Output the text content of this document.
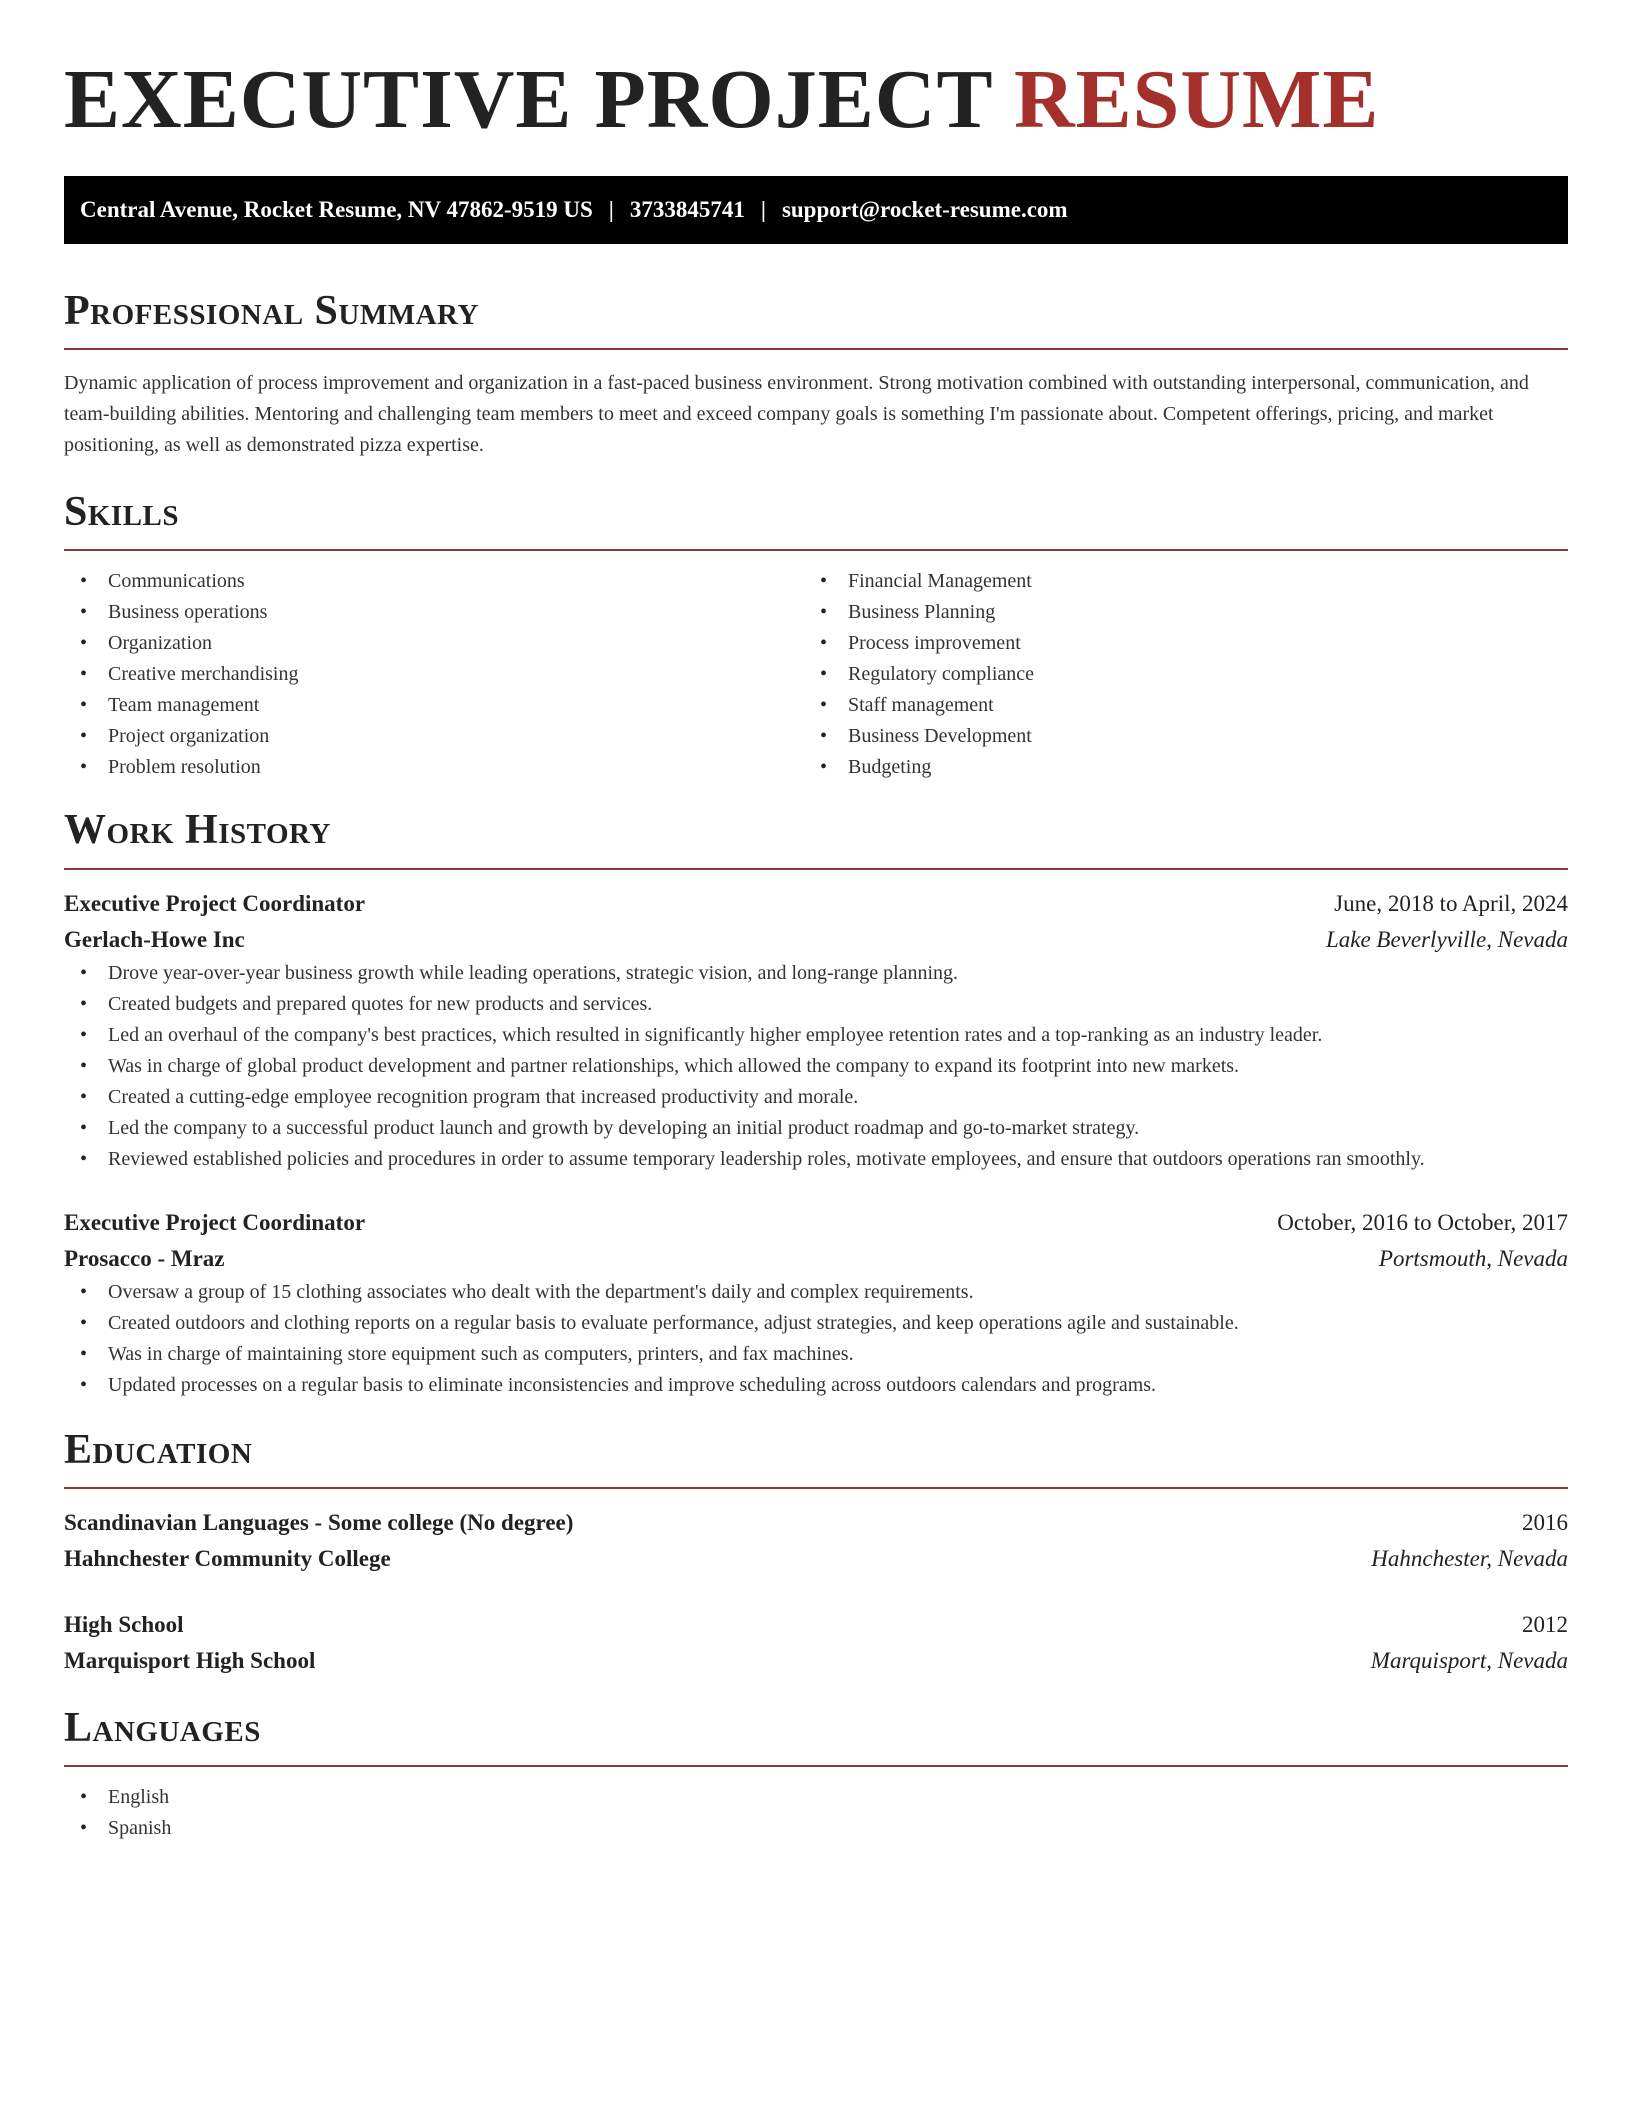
EXECUTIVE PROJECT RESUME
Central Avenue, Rocket Resume, NV 47862-9519 US | 3733845741 | support@rocket-resume.com
Professional Summary

Dynamic application of process improvement and organization in a fast-paced business environment. Strong motivation combined with outstanding interpersonal, communication, and team-building abilities. Mentoring and challenging team members to meet and exceed company goals is something I'm passionate about. Competent offerings, pricing, and market positioning, as well as demonstrated pizza expertise.

Skills
• Communications
• Business operations
• Organization
• Creative merchandising
• Team management
• Project organization
• Problem resolution
• Financial Management
• Business Planning
• Process improvement
• Regulatory compliance
• Staff management
• Business Development
• Budgeting
Work History
Executive Project Coordinator	June, 2018 to April, 2024
Gerlach-Howe Inc	Lake Beverlyville, Nevada
• Drove year-over-year business growth while leading operations, strategic vision, and long-range planning.
• Created budgets and prepared quotes for new products and services.
• Led an overhaul of the company's best practices, which resulted in significantly higher employee retention rates and a top-ranking as an industry leader.
• Was in charge of global product development and partner relationships, which allowed the company to expand its footprint into new markets.
• Created a cutting-edge employee recognition program that increased productivity and morale.
• Led the company to a successful product launch and growth by developing an initial product roadmap and go-to-market strategy.
• Reviewed established policies and procedures in order to assume temporary leadership roles, motivate employees, and ensure that outdoors operations ran smoothly.
Executive Project Coordinator	October, 2016 to October, 2017
Prosacco - Mraz	Portsmouth, Nevada
• Oversaw a group of 15 clothing associates who dealt with the department's daily and complex requirements.
• Created outdoors and clothing reports on a regular basis to evaluate performance, adjust strategies, and keep operations agile and sustainable.
• Was in charge of maintaining store equipment such as computers, printers, and fax machines.
• Updated processes on a regular basis to eliminate inconsistencies and improve scheduling across outdoors calendars and programs.
Education
Scandinavian Languages - Some college (No degree)	2016
Hahnchester Community College	Hahnchester, Nevada
High School	2012
Marquisport High School	Marquisport, Nevada
Languages
• English
• Spanish
